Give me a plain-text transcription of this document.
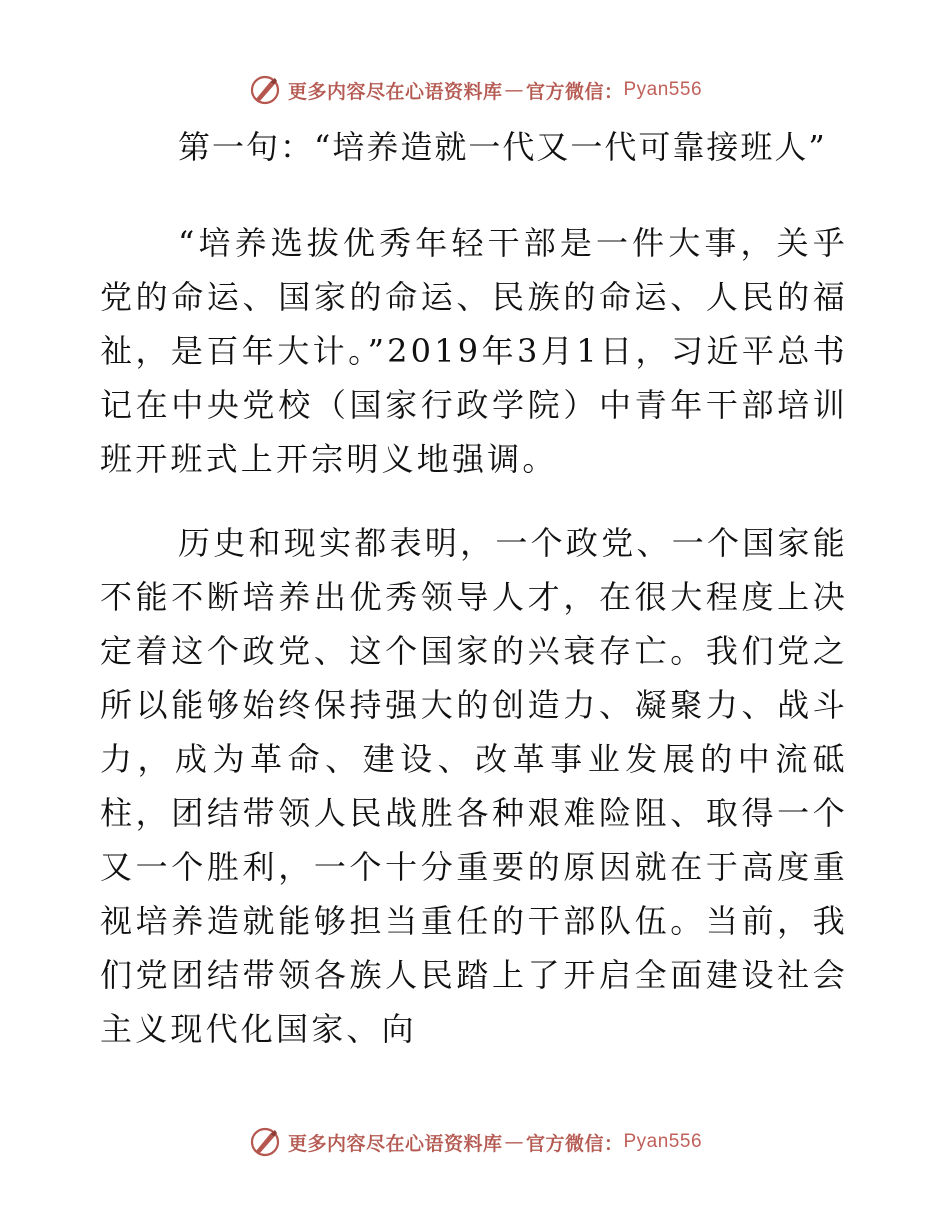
更多内容尽在心语资料库 — 官方微信： Pyan556

第一句：“培养造就一代又一代可靠接班人”

“培养选拔优秀年轻干部是一件大事，关乎党的命运、国家的命运、民族的命运、人民的福祉，是百年大计。”2019年3月1日，习近平总书记在中央党校（国家行政学院）中青年干部培训班开班式上开宗明义地强调。

历史和现实都表明，一个政党、一个国家能不能不断培养出优秀领导人才，在很大程度上决定着这个政党、这个国家的兴衰存亡。我们党之所以能够始终保持强大的创造力、凝聚力、战斗力，成为革命、建设、改革事业发展的中流砥柱，团结带领人民战胜各种艰难险阻、取得一个又一个胜利，一个十分重要的原因就在于高度重视培养造就能够担当重任的干部队伍。当前，我们党团结带领各族人民踏上了开启全面建设社会主义现代化国家、向

更多内容尽在心语资料库 — 官方微信： Pyan556
